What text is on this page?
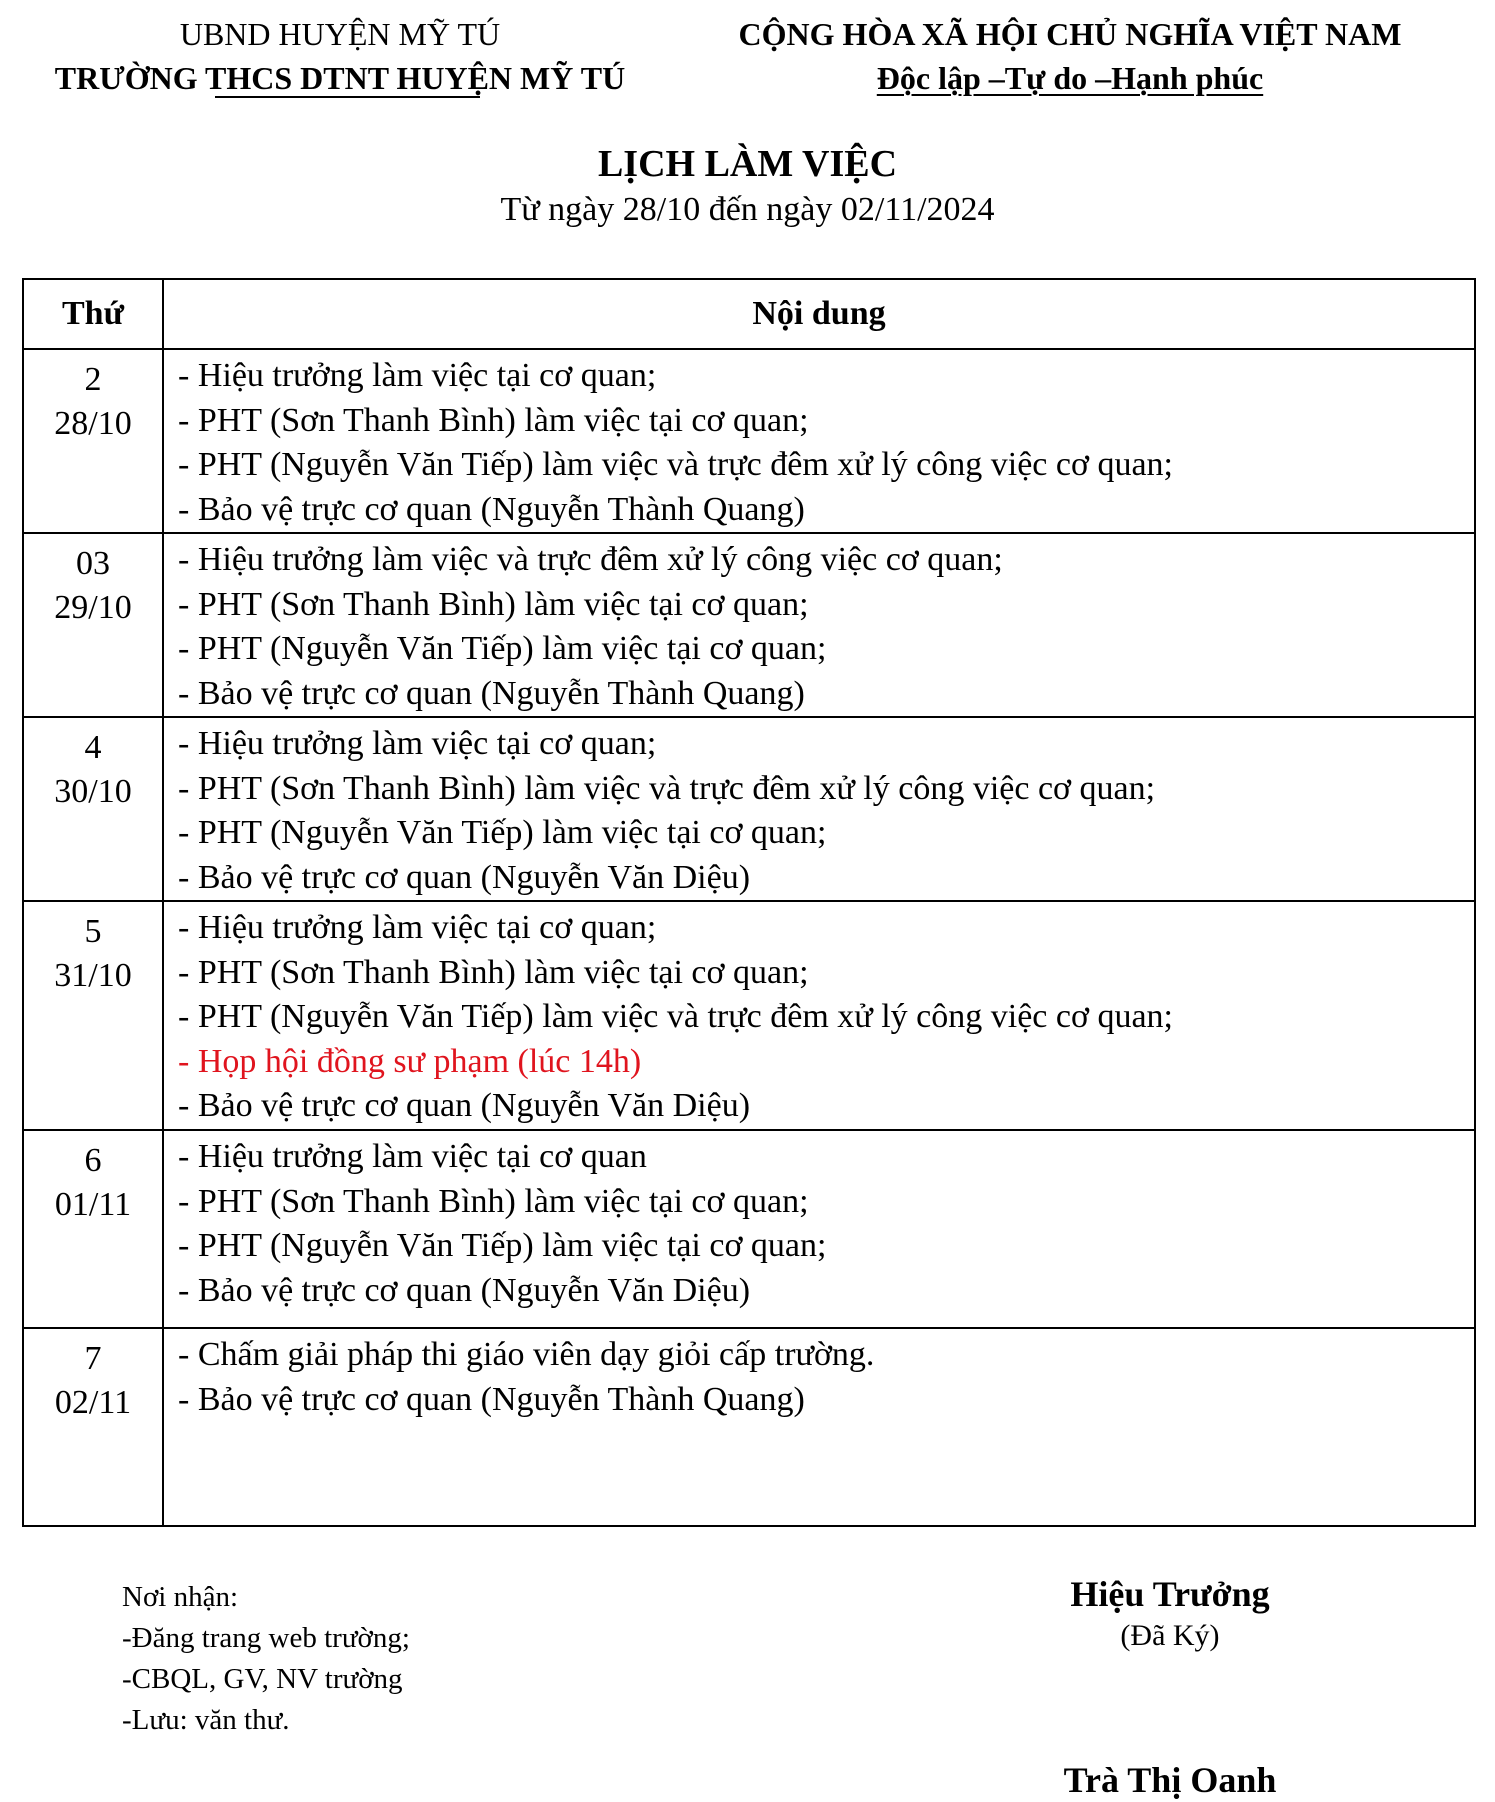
UBND HUYỆN MỸ TÚ
TRƯỜNG THCS DTNT HUYỆN MỸ TÚ
CỘNG HÒA XÃ HỘI CHỦ NGHĨA VIỆT NAM
Độc lập –Tự do –Hạnh phúc
LỊCH LÀM VIỆC
Từ ngày 28/10 đến ngày 02/11/2024
Thứ	Nội dung

2
28/10	- Hiệu trưởng làm việc tại cơ quan;
- PHT (Sơn Thanh Bình) làm việc tại cơ quan;
- PHT (Nguyễn Văn Tiếp) làm việc và trực đêm xử lý công việc cơ quan;
- Bảo vệ trực cơ quan (Nguyễn Thành Quang)

03
29/10	- Hiệu trưởng làm việc và trực đêm xử lý công việc cơ quan;
- PHT (Sơn Thanh Bình) làm việc tại cơ quan;
- PHT (Nguyễn Văn Tiếp) làm việc tại cơ quan;
- Bảo vệ trực cơ quan (Nguyễn Thành Quang)

4
30/10	- Hiệu trưởng làm việc tại cơ quan;
- PHT (Sơn Thanh Bình) làm việc và trực đêm xử lý công việc cơ quan;
- PHT (Nguyễn Văn Tiếp) làm việc tại cơ quan;
- Bảo vệ trực cơ quan (Nguyễn Văn Diệu)

5
31/10	- Hiệu trưởng làm việc tại cơ quan;
- PHT (Sơn Thanh Bình) làm việc tại cơ quan;
- PHT (Nguyễn Văn Tiếp) làm việc và trực đêm xử lý công việc cơ quan;
- Họp hội đồng sư phạm (lúc 14h)
- Bảo vệ trực cơ quan (Nguyễn Văn Diệu)

6
01/11	- Hiệu trưởng làm việc tại cơ quan
- PHT (Sơn Thanh Bình) làm việc tại cơ quan;
- PHT (Nguyễn Văn Tiếp) làm việc tại cơ quan;
- Bảo vệ trực cơ quan (Nguyễn Văn Diệu)

7
02/11	- Chấm giải pháp thi giáo viên dạy giỏi cấp trường.
- Bảo vệ trực cơ quan (Nguyễn Thành Quang)
Nơi nhận:
-Đăng trang web trường;
-CBQL, GV, NV trường
-Lưu: văn thư.
Hiệu Trưởng
(Đã Ký)
Trà Thị Oanh
